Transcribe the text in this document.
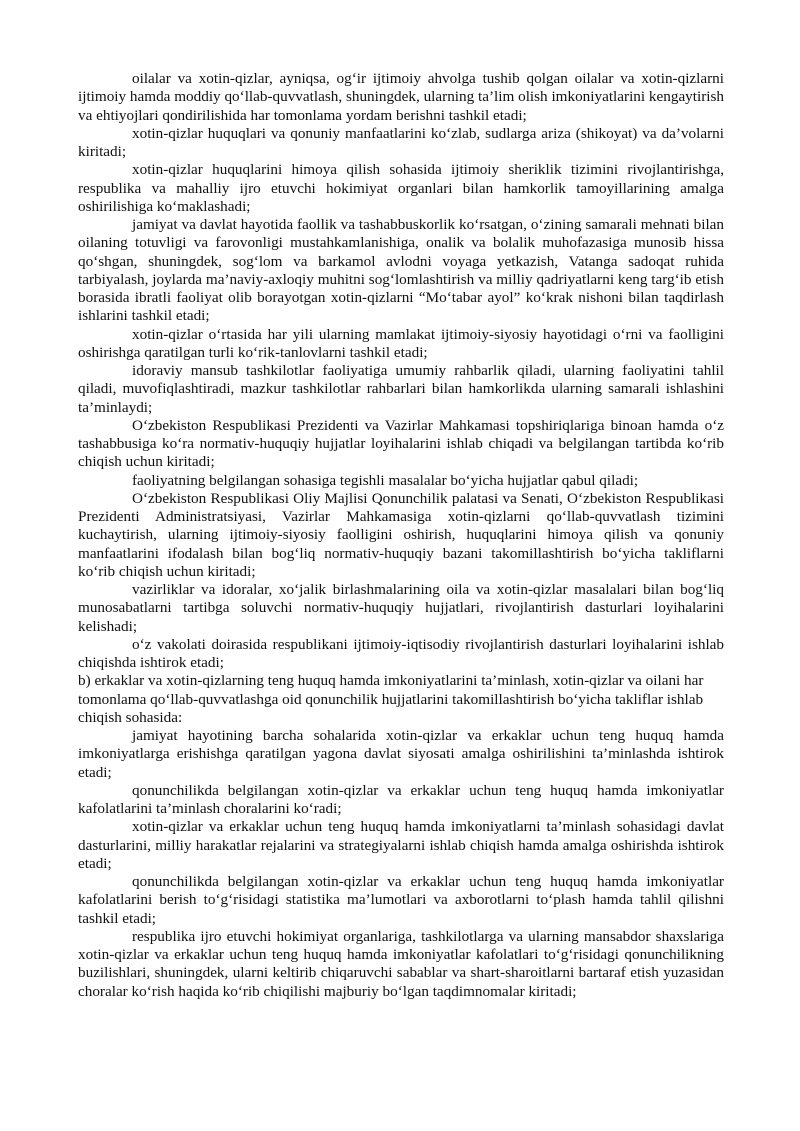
oilalar va xotin-qizlar, ayniqsa, og‘ir ijtimoiy ahvolga tushib qolgan oilalar va xotin-qizlarni ijtimoiy hamda moddiy qo‘llab-quvvatlash, shuningdek, ularning ta’lim olish imkoniyatlarini kengaytirish va ehtiyojlari qondirilishida har tomonlama yordam berishni tashkil etadi;

xotin-qizlar huquqlari va qonuniy manfaatlarini ko‘zlab, sudlarga ariza (shikoyat) va da’volarni kiritadi;

xotin-qizlar huquqlarini himoya qilish sohasida ijtimoiy sheriklik tizimini rivojlantirishga, respublika va mahalliy ijro etuvchi hokimiyat organlari bilan hamkorlik tamoyillarining amalga oshirilishiga ko‘maklashadi;

jamiyat va davlat hayotida faollik va tashabbuskorlik ko‘rsatgan, o‘zining samarali mehnati bilan oilaning totuvligi va farovonligi mustahkamlanishiga, onalik va bolalik muhofazasiga munosib hissa qo‘shgan, shuningdek, sog‘lom va barkamol avlodni voyaga yetkazish, Vatanga sadoqat ruhida tarbiyalash, joylarda ma’naviy-axloqiy muhitni sog‘lomlashtirish va milliy qadriyatlarni keng targ‘ib etish borasida ibratli faoliyat olib borayotgan xotin-qizlarni “Mo‘tabar ayol” ko‘krak nishoni bilan taqdirlash ishlarini tashkil etadi;

xotin-qizlar o‘rtasida har yili ularning mamlakat ijtimoiy-siyosiy hayotidagi o‘rni va faolligini oshirishga qaratilgan turli ko‘rik-tanlovlarni tashkil etadi;

idoraviy mansub tashkilotlar faoliyatiga umumiy rahbarlik qiladi, ularning faoliyatini tahlil qiladi, muvofiqlashtiradi, mazkur tashkilotlar rahbarlari bilan hamkorlikda ularning samarali ishlashini ta’minlaydi;

O‘zbekiston Respublikasi Prezidenti va Vazirlar Mahkamasi topshiriqlariga binoan hamda o‘z tashabbusiga ko‘ra normativ-huquqiy hujjatlar loyihalarini ishlab chiqadi va belgilangan tartibda ko‘rib chiqish uchun kiritadi;

faoliyatning belgilangan sohasiga tegishli masalalar bo‘yicha hujjatlar qabul qiladi;

O‘zbekiston Respublikasi Oliy Majlisi Qonunchilik palatasi va Senati, O‘zbekiston Respublikasi Prezidenti Administratsiyasi, Vazirlar Mahkamasiga xotin-qizlarni qo‘llab-quvvatlash tizimini kuchaytirish, ularning ijtimoiy-siyosiy faolligini oshirish, huquqlarini himoya qilish va qonuniy manfaatlarini ifodalash bilan bog‘liq normativ-huquqiy bazani takomillashtirish bo‘yicha takliflarni ko‘rib chiqish uchun kiritadi;

vazirliklar va idoralar, xo‘jalik birlashmalarining oila va xotin-qizlar masalalari bilan bog‘liq munosabatlarni tartibga soluvchi normativ-huquqiy hujjatlari, rivojlantirish dasturlari loyihalarini kelishadi;

o‘z vakolati doirasida respublikani ijtimoiy-iqtisodiy rivojlantirish dasturlari loyihalarini ishlab chiqishda ishtirok etadi;

b) erkaklar va xotin-qizlarning teng huquq hamda imkoniyatlarini ta’minlash, xotin-qizlar va oilani har tomonlama qo‘llab-quvvatlashga oid qonunchilik hujjatlarini takomillashtirish bo‘yicha takliflar ishlab chiqish sohasida:

jamiyat hayotining barcha sohalarida xotin-qizlar va erkaklar uchun teng huquq hamda imkoniyatlarga erishishga qaratilgan yagona davlat siyosati amalga oshirilishini ta’minlashda ishtirok etadi;

qonunchilikda belgilangan xotin-qizlar va erkaklar uchun teng huquq hamda imkoniyatlar kafolatlarini ta’minlash choralarini ko‘radi;

xotin-qizlar va erkaklar uchun teng huquq hamda imkoniyatlarni ta’minlash sohasidagi davlat dasturlarini, milliy harakatlar rejalarini va strategiyalarni ishlab chiqish hamda amalga oshirishda ishtirok etadi;

qonunchilikda belgilangan xotin-qizlar va erkaklar uchun teng huquq hamda imkoniyatlar kafolatlarini berish to‘g‘risidagi statistika ma’lumotlari va axborotlarni to‘plash hamda tahlil qilishni tashkil etadi;

respublika ijro etuvchi hokimiyat organlariga, tashkilotlarga va ularning mansabdor shaxslariga xotin-qizlar va erkaklar uchun teng huquq hamda imkoniyatlar kafolatlari to‘g‘risidagi qonunchilikning buzilishlari, shuningdek, ularni keltirib chiqaruvchi sabablar va shart-sharoitlarni bartaraf etish yuzasidan choralar ko‘rish haqida ko‘rib chiqilishi majburiy bo‘lgan taqdimnomalar kiritadi;
